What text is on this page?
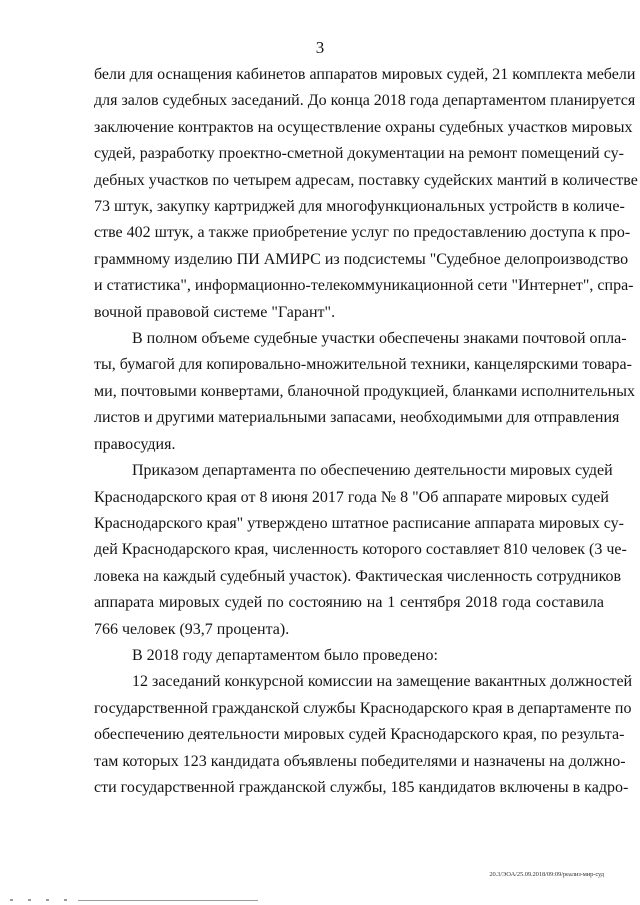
3

бели для оснащения кабинетов аппаратов мировых судей, 21 комплекта мебели
для залов судебных заседаний. До конца 2018 года департаментом планируется
заключение контрактов на осуществление охраны судебных участков мировых
судей, разработку проектно-сметной документации на ремонт помещений су-
дебных участков по четырем адресам, поставку судейских мантий в количестве
73 штук, закупку картриджей для многофункциональных устройств в количе-
стве 402 штук, а также приобретение услуг по предоставлению доступа к про-
граммному изделию ПИ АМИРС из подсистемы "Судебное делопроизводство
и статистика", информационно-телекоммуникационной сети "Интернет", спра-
вочной правовой системе "Гарант".

В полном объеме судебные участки обеспечены знаками почтовой опла-
ты, бумагой для копировально-множительной техники, канцелярскими товара-
ми, почтовыми конвертами, бланочной продукцией, бланками исполнительных
листов и другими материальными запасами, необходимыми для отправления
правосудия.

Приказом департамента по обеспечению деятельности мировых судей
Краснодарского края от 8 июня 2017 года № 8 "Об аппарате мировых судей
Краснодарского края" утверждено штатное расписание аппарата мировых су-
дей Краснодарского края, численность которого составляет 810 человек (3 че-
ловека на каждый судебный участок). Фактическая численность сотрудников
аппарата мировых судей по состоянию на 1 сентября 2018 года составила
766 человек (93,7 процента).

В 2018 году департаментом было проведено:

12 заседаний конкурсной комиссии на замещение вакантных должностей
государственной гражданской службы Краснодарского края в департаменте по
обеспечению деятельности мировых судей Краснодарского края, по результа-
там которых 123 кандидата объявлены победителями и назначены на должно-
сти государственной гражданской службы, 185 кандидатов включены в кадро-

20.3/ЭОА/25.09.2018/09:09/реализ-мир-суд
